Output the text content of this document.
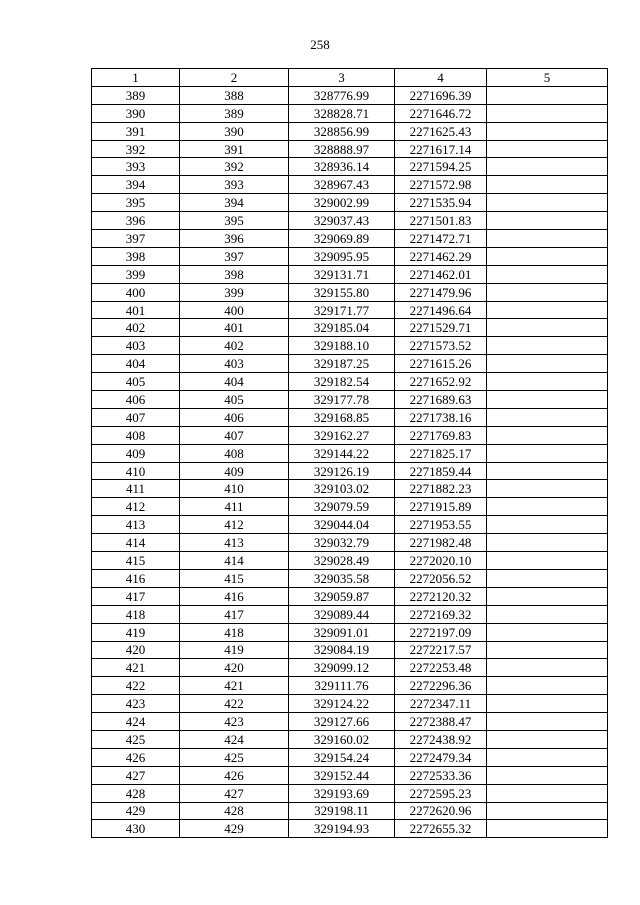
258
1	2	3	4	5
389	388	328776.99	2271696.39	
390	389	328828.71	2271646.72	
391	390	328856.99	2271625.43	
392	391	328888.97	2271617.14	
393	392	328936.14	2271594.25	
394	393	328967.43	2271572.98	
395	394	329002.99	2271535.94	
396	395	329037.43	2271501.83	
397	396	329069.89	2271472.71	
398	397	329095.95	2271462.29	
399	398	329131.71	2271462.01	
400	399	329155.80	2271479.96	
401	400	329171.77	2271496.64	
402	401	329185.04	2271529.71	
403	402	329188.10	2271573.52	
404	403	329187.25	2271615.26	
405	404	329182.54	2271652.92	
406	405	329177.78	2271689.63	
407	406	329168.85	2271738.16	
408	407	329162.27	2271769.83	
409	408	329144.22	2271825.17	
410	409	329126.19	2271859.44	
411	410	329103.02	2271882.23	
412	411	329079.59	2271915.89	
413	412	329044.04	2271953.55	
414	413	329032.79	2271982.48	
415	414	329028.49	2272020.10	
416	415	329035.58	2272056.52	
417	416	329059.87	2272120.32	
418	417	329089.44	2272169.32	
419	418	329091.01	2272197.09	
420	419	329084.19	2272217.57	
421	420	329099.12	2272253.48	
422	421	329111.76	2272296.36	
423	422	329124.22	2272347.11	
424	423	329127.66	2272388.47	
425	424	329160.02	2272438.92	
426	425	329154.24	2272479.34	
427	426	329152.44	2272533.36	
428	427	329193.69	2272595.23	
429	428	329198.11	2272620.96	
430	429	329194.93	2272655.32	
